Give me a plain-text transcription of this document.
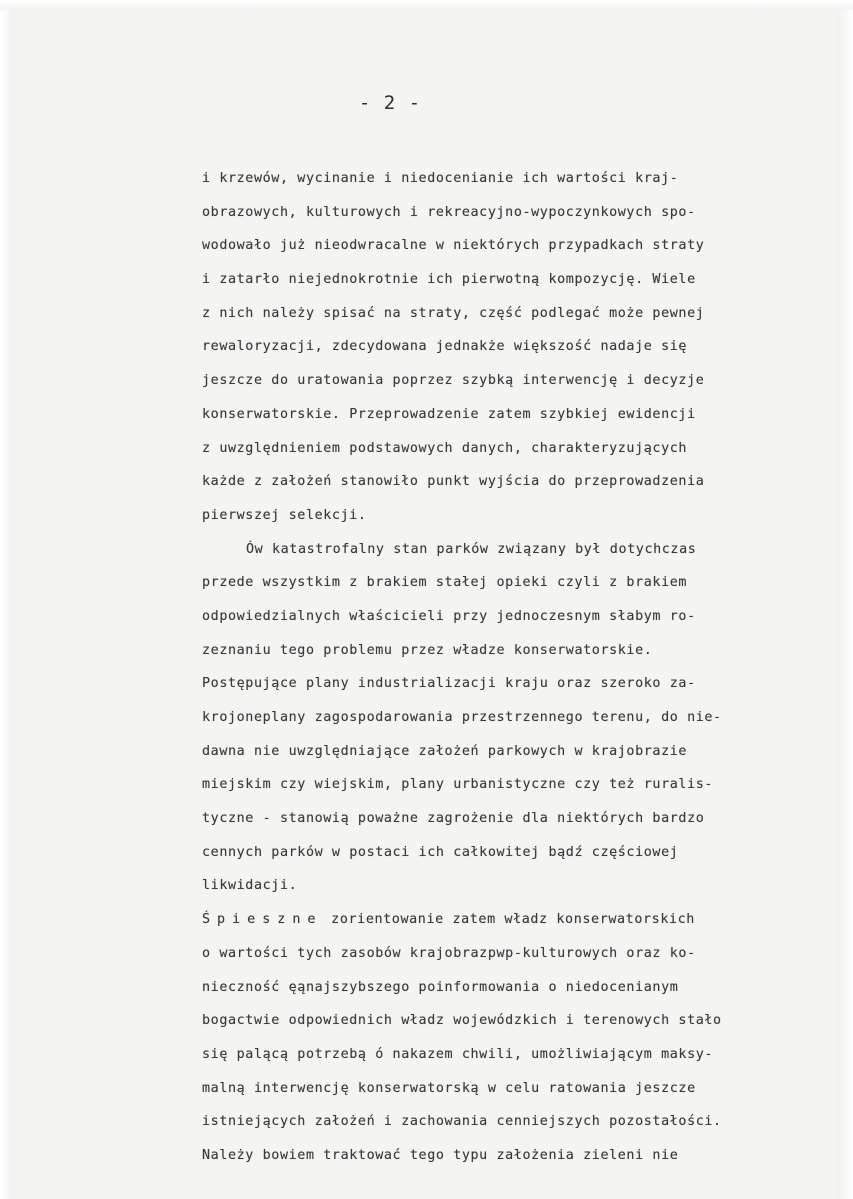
- 2 -
i krzewów, wycinanie i niedocenianie ich wartości kraj-
obrazowych, kulturowych i rekreacyjno-wypoczynkowych spo-
wodowało już nieodwracalne w niektórych przypadkach straty
i zatarło niejednokrotnie ich pierwotną kompozycję. Wiele
z nich należy spisać na straty, część podlegać może pewnej
rewaloryzacji, zdecydowana jednakże większość nadaje się
jeszcze do uratowania poprzez szybką interwencję i decyzje
konserwatorskie. Przeprowadzenie zatem szybkiej ewidencji
z uwzględnieniem podstawowych danych, charakteryzujących
każde z założeń stanowiło punkt wyjścia do przeprowadzenia
pierwszej selekcji.
Ów katastrofalny stan parków związany był dotychczas
przede wszystkim z brakiem stałej opieki czyli z brakiem
odpowiedzialnych właścicieli przy jednoczesnym słabym ro-
zeznaniu tego problemu przez władze konserwatorskie.
Postępujące plany industrializacji kraju oraz szeroko za-
krojoneplany zagospodarowania przestrzennego terenu, do nie-
dawna nie uwzględniające założeń parkowych w krajobrazie
miejskim czy wiejskim, plany urbanistyczne czy też ruralis-
tyczne - stanowią poważne zagrożenie dla niektórych bardzo
cennych parków w postaci ich całkowitej bądź częściowej
likwidacji.
Śpieszne zorientowanie zatem władz konserwatorskich
o wartości tych zasobów krajobrazpwp-kulturowych oraz ko-
nieczność ęąnajszybszego poinformowania o niedocenianym
bogactwie odpowiednich władz wojewódzkich i terenowych stało
się palącą potrzebą ó nakazem chwili, umożliwiającym maksy-
malną interwencję konserwatorską w celu ratowania jeszcze
istniejących założeń i zachowania cenniejszych pozostałości.
Należy bowiem traktować tego typu założenia zieleni nie
